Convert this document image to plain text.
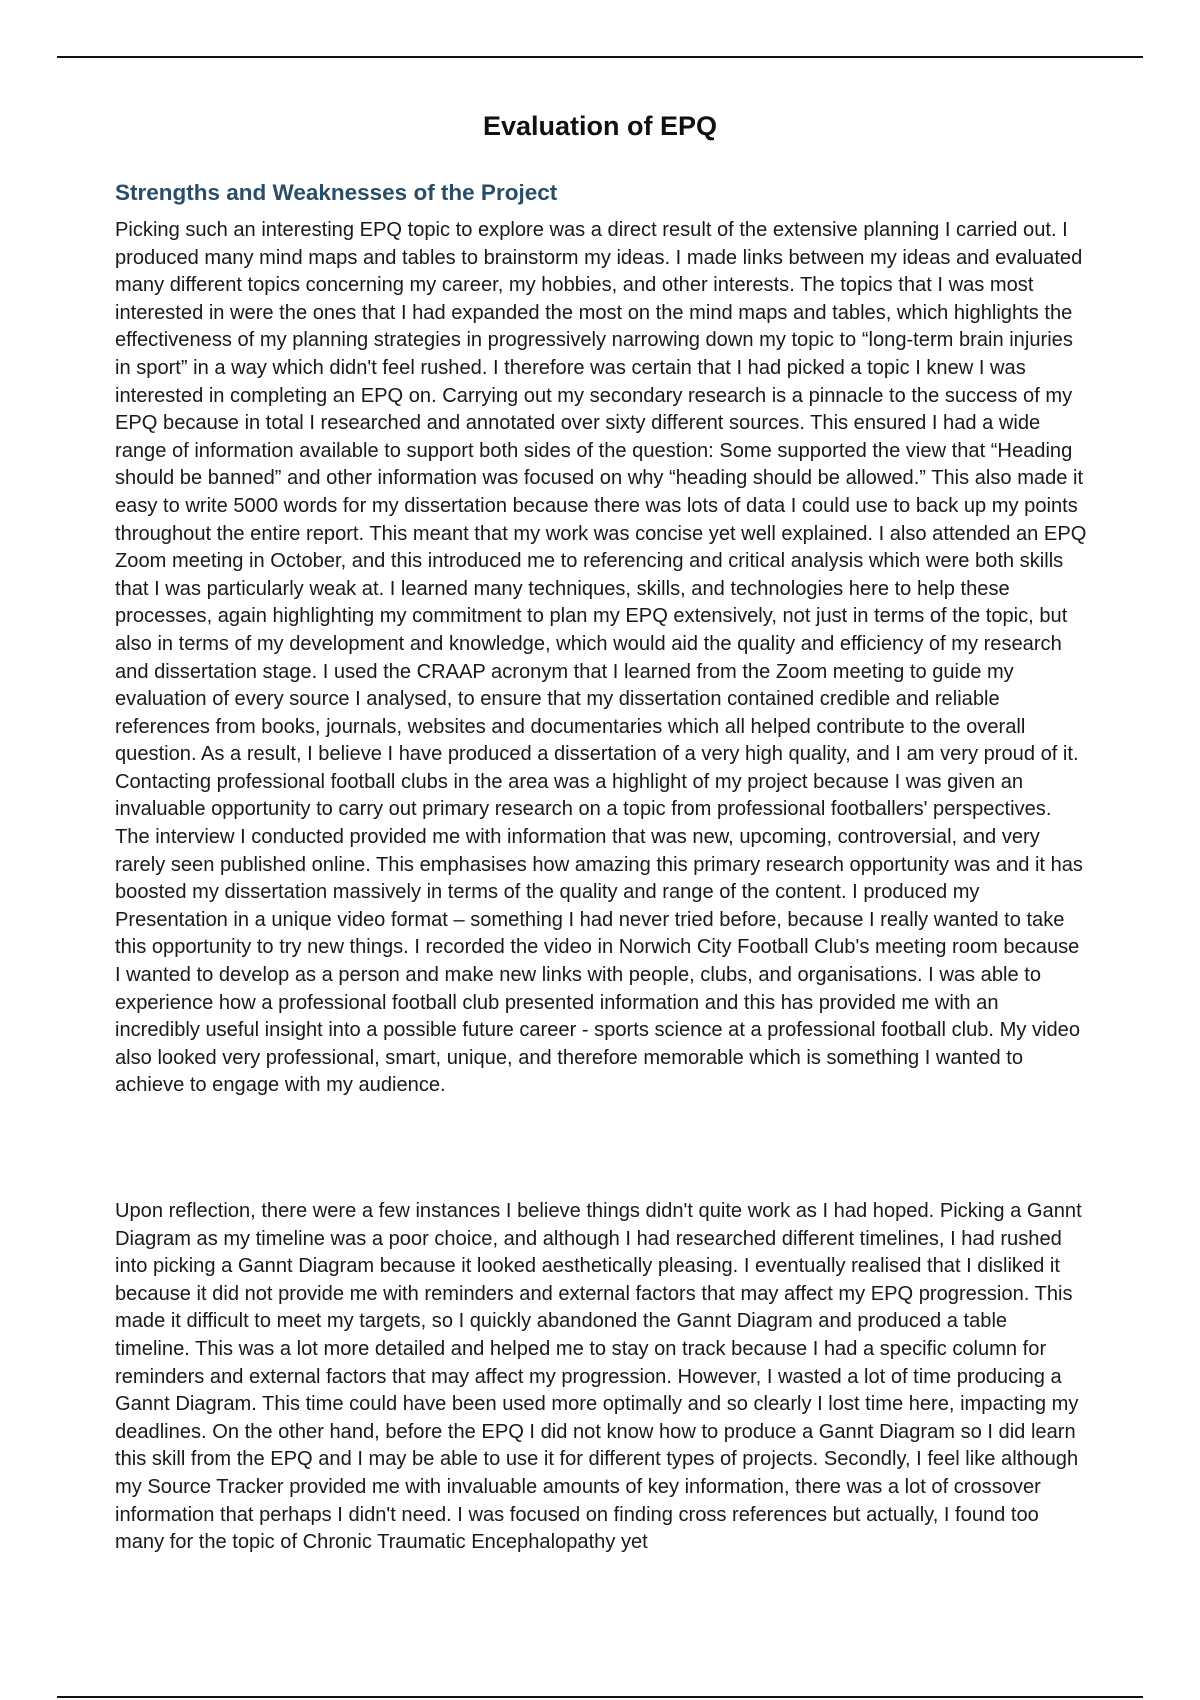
Evaluation of EPQ
Strengths and Weaknesses of the Project

Picking such an interesting EPQ topic to explore was a direct result of the extensive planning I carried out. I produced many mind maps and tables to brainstorm my ideas. I made links between my ideas and evaluated many different topics concerning my career, my hobbies, and other interests. The topics that I was most interested in were the ones that I had expanded the most on the mind maps and tables, which highlights the effectiveness of my planning strategies in progressively narrowing down my topic to “long-term brain injuries in sport” in a way which didn't feel rushed. I therefore was certain that I had picked a topic I knew I was interested in completing an EPQ on. Carrying out my secondary research is a pinnacle to the success of my EPQ because in total I researched and annotated over sixty different sources. This ensured I had a wide range of information available to support both sides of the question: Some supported the view that “Heading should be banned” and other information was focused on why “heading should be allowed.” This also made it easy to write 5000 words for my dissertation because there was lots of data I could use to back up my points throughout the entire report. This meant that my work was concise yet well explained. I also attended an EPQ Zoom meeting in October, and this introduced me to referencing and critical analysis which were both skills that I was particularly weak at. I learned many techniques, skills, and technologies here to help these processes, again highlighting my commitment to plan my EPQ extensively, not just in terms of the topic, but also in terms of my development and knowledge, which would aid the quality and efficiency of my research and dissertation stage. I used the CRAAP acronym that I learned from the Zoom meeting to guide my evaluation of every source I analysed, to ensure that my dissertation contained credible and reliable references from books, journals, websites and documentaries which all helped contribute to the overall question. As a result, I believe I have produced a dissertation of a very high quality, and I am very proud of it. Contacting professional football clubs in the area was a highlight of my project because I was given an invaluable opportunity to carry out primary research on a topic from professional footballers' perspectives. The interview I conducted provided me with information that was new, upcoming, controversial, and very rarely seen published online. This emphasises how amazing this primary research opportunity was and it has boosted my dissertation massively in terms of the quality and range of the content. I produced my Presentation in a unique video format – something I had never tried before, because I really wanted to take this opportunity to try new things. I recorded the video in Norwich City Football Club's meeting room because I wanted to develop as a person and make new links with people, clubs, and organisations. I was able to experience how a professional football club presented information and this has provided me with an incredibly useful insight into a possible future career - sports science at a professional football club. My video also looked very professional, smart, unique, and therefore memorable which is something I wanted to achieve to engage with my audience.

Upon reflection, there were a few instances I believe things didn't quite work as I had hoped. Picking a Gannt Diagram as my timeline was a poor choice, and although I had researched different timelines, I had rushed into picking a Gannt Diagram because it looked aesthetically pleasing. I eventually realised that I disliked it because it did not provide me with reminders and external factors that may affect my EPQ progression. This made it difficult to meet my targets, so I quickly abandoned the Gannt Diagram and produced a table timeline. This was a lot more detailed and helped me to stay on track because I had a specific column for reminders and external factors that may affect my progression. However, I wasted a lot of time producing a Gannt Diagram. This time could have been used more optimally and so clearly I lost time here, impacting my deadlines. On the other hand, before the EPQ I did not know how to produce a Gannt Diagram so I did learn this skill from the EPQ and I may be able to use it for different types of projects. Secondly, I feel like although my Source Tracker provided me with invaluable amounts of key information, there was a lot of crossover information that perhaps I didn't need. I was focused on finding cross references but actually, I found too many for the topic of Chronic Traumatic Encephalopathy yet
